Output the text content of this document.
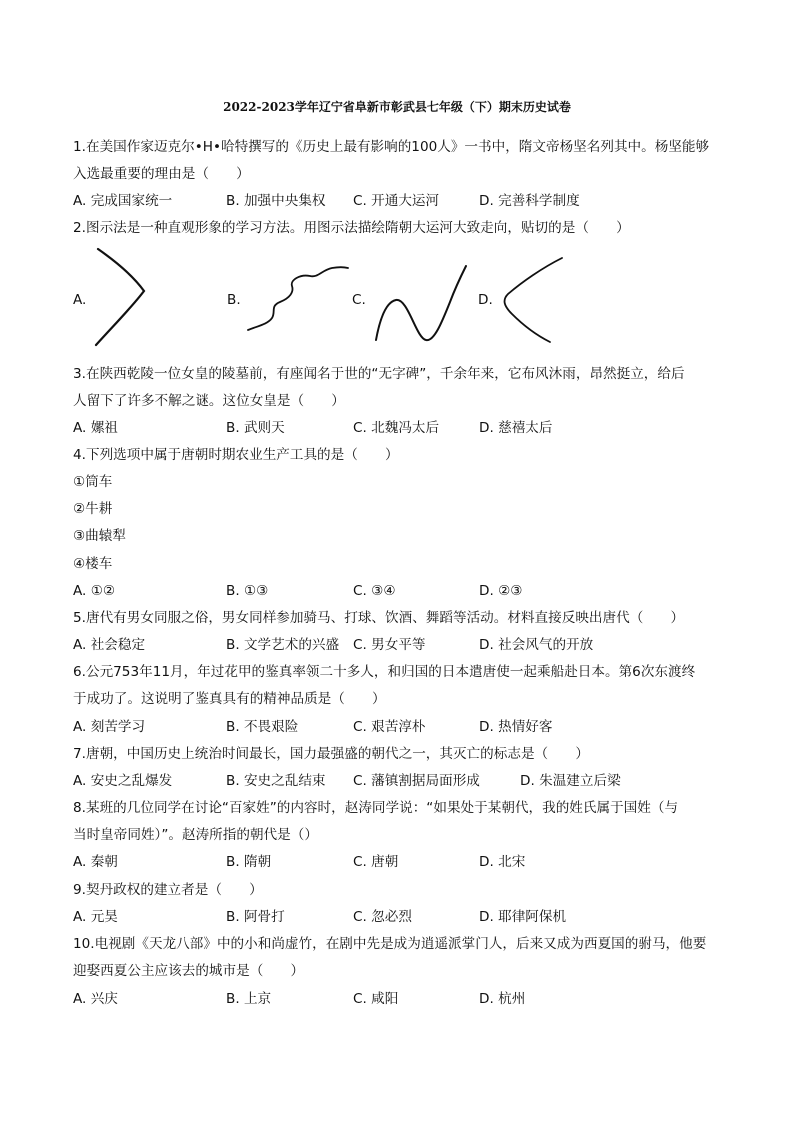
2022-2023学年辽宁省阜新市彰武县七年级（下）期末历史试卷
1.在美国作家迈克尔•H•哈特撰写的《历史上最有影响的100人》一书中，隋文帝杨坚名列其中。杨坚能够
入选最重要的理由是（　　）
A. 完成国家统一	B. 加强中央集权 C. 开通大运河	D. 完善科学制度
2.图示法是一种直观形象的学习方法。用图示法描绘隋朝大运河大致走向，贴切的是（　　）
A.	B.	C.	D.
3.在陕西乾陵一位女皇的陵墓前，有座闻名于世的“无字碑”，千余年来，它布风沐雨，昂然挺立，给后
人留下了许多不解之谜。这位女皇是（　　）
A. 嫘祖	B. 武则天	C. 北魏冯太后	D. 慈禧太后
4.下列选项中属于唐朝时期农业生产工具的是（　　）
①筒车
②牛耕
③曲辕犁
④楼车
A. ①②	B. ①③	C. ③④	D. ②③
5.唐代有男女同服之俗，男女同样参加骑马、打球、饮酒、舞蹈等活动。材料直接反映出唐代（　　）
A. 社会稳定	B. 文学艺术的兴盛 C. 男女平等	D. 社会风气的开放
6.公元753年11月，年过花甲的鉴真率领二十多人，和归国的日本遣唐使一起乘船赴日本。第6次东渡终
于成功了。这说明了鉴真具有的精神品质是（　　）
A. 刻苦学习	B. 不畏艰险	C. 艰苦淳朴	D. 热情好客
7.唐朝，中国历史上统治时间最长，国力最强盛的朝代之一，其灭亡的标志是（　　）
A. 安史之乱爆发	B. 安史之乱结束 C. 藩镇割据局面形成	D. 朱温建立后梁
8.某班的几位同学在讨论“百家姓”的内容时，赵涛同学说：“如果处于某朝代，我的姓氏属于国姓（与
当时皇帝同姓）”。赵涛所指的朝代是（）
A. 秦朝	B. 隋朝	C. 唐朝	D. 北宋
9.契丹政权的建立者是（　　）
A. 元昊	B. 阿骨打	C. 忽必烈	D. 耶律阿保机
10.电视剧《天龙八部》中的小和尚虚竹，在剧中先是成为逍遥派掌门人，后来又成为西夏国的驸马，他要
迎娶西夏公主应该去的城市是（　　）
A. 兴庆	B. 上京	C. 咸阳	D. 杭州
